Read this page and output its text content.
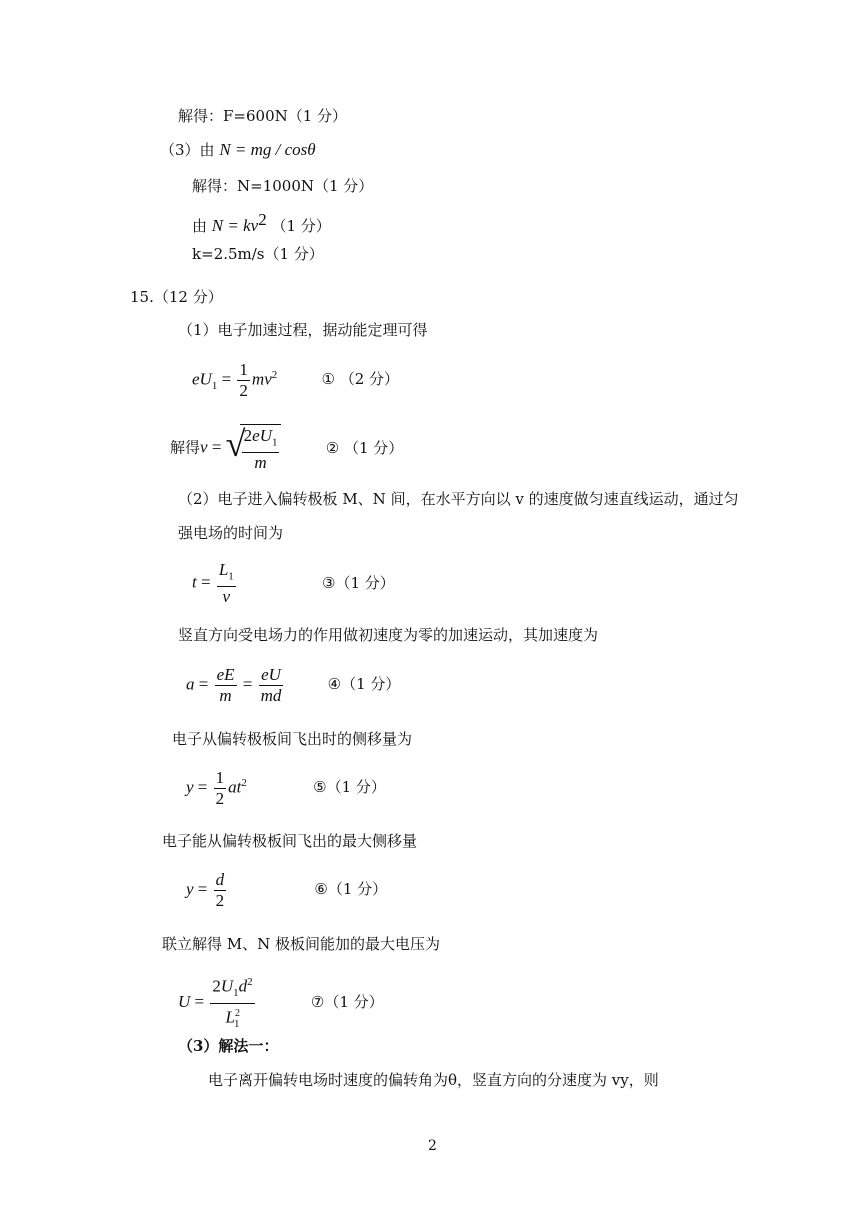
解得：F=600N（1 分）
（3）由 N = mg / cosθ
解得：N=1000N（1 分）
由 $N = kv^2$ （1 分）
k=2.5m/s（1 分）
15.（12 分）
（1）电子加速过程，据动能定理可得
$eU_1 = \frac{1}{2} mv^2$	① （2 分）
解得v = √
$\frac{2eU_1}{m}$	② （1 分）
（2）电子进入偏转极板 M、N 间，在水平方向以 v 的速度做匀速直线运动，通过匀
强电场的时间为
$t = \frac{L_1}{v}$	③（1 分）
竖直方向受电场力的作用做初速度为零的加速运动，其加速度为
$a = \frac{eE}{m} = \frac{eU}{md}$	④（1 分）
电子从偏转极板间飞出时的侧移量为
$y = \frac{1}{2} at^2$	⑤（1 分）
电子能从偏转极板间飞出的最大侧移量
$y = \frac{d}{2}$	⑥（1 分）
联立解得 M、N 极板间能加的最大电压为
$U = \frac{2U_1d^2}{L^2_1}$	⑦（1 分）
（3）解法一：
电子离开偏转电场时速度的偏转角为θ，竖直方向的分速度为 vy，则
2
